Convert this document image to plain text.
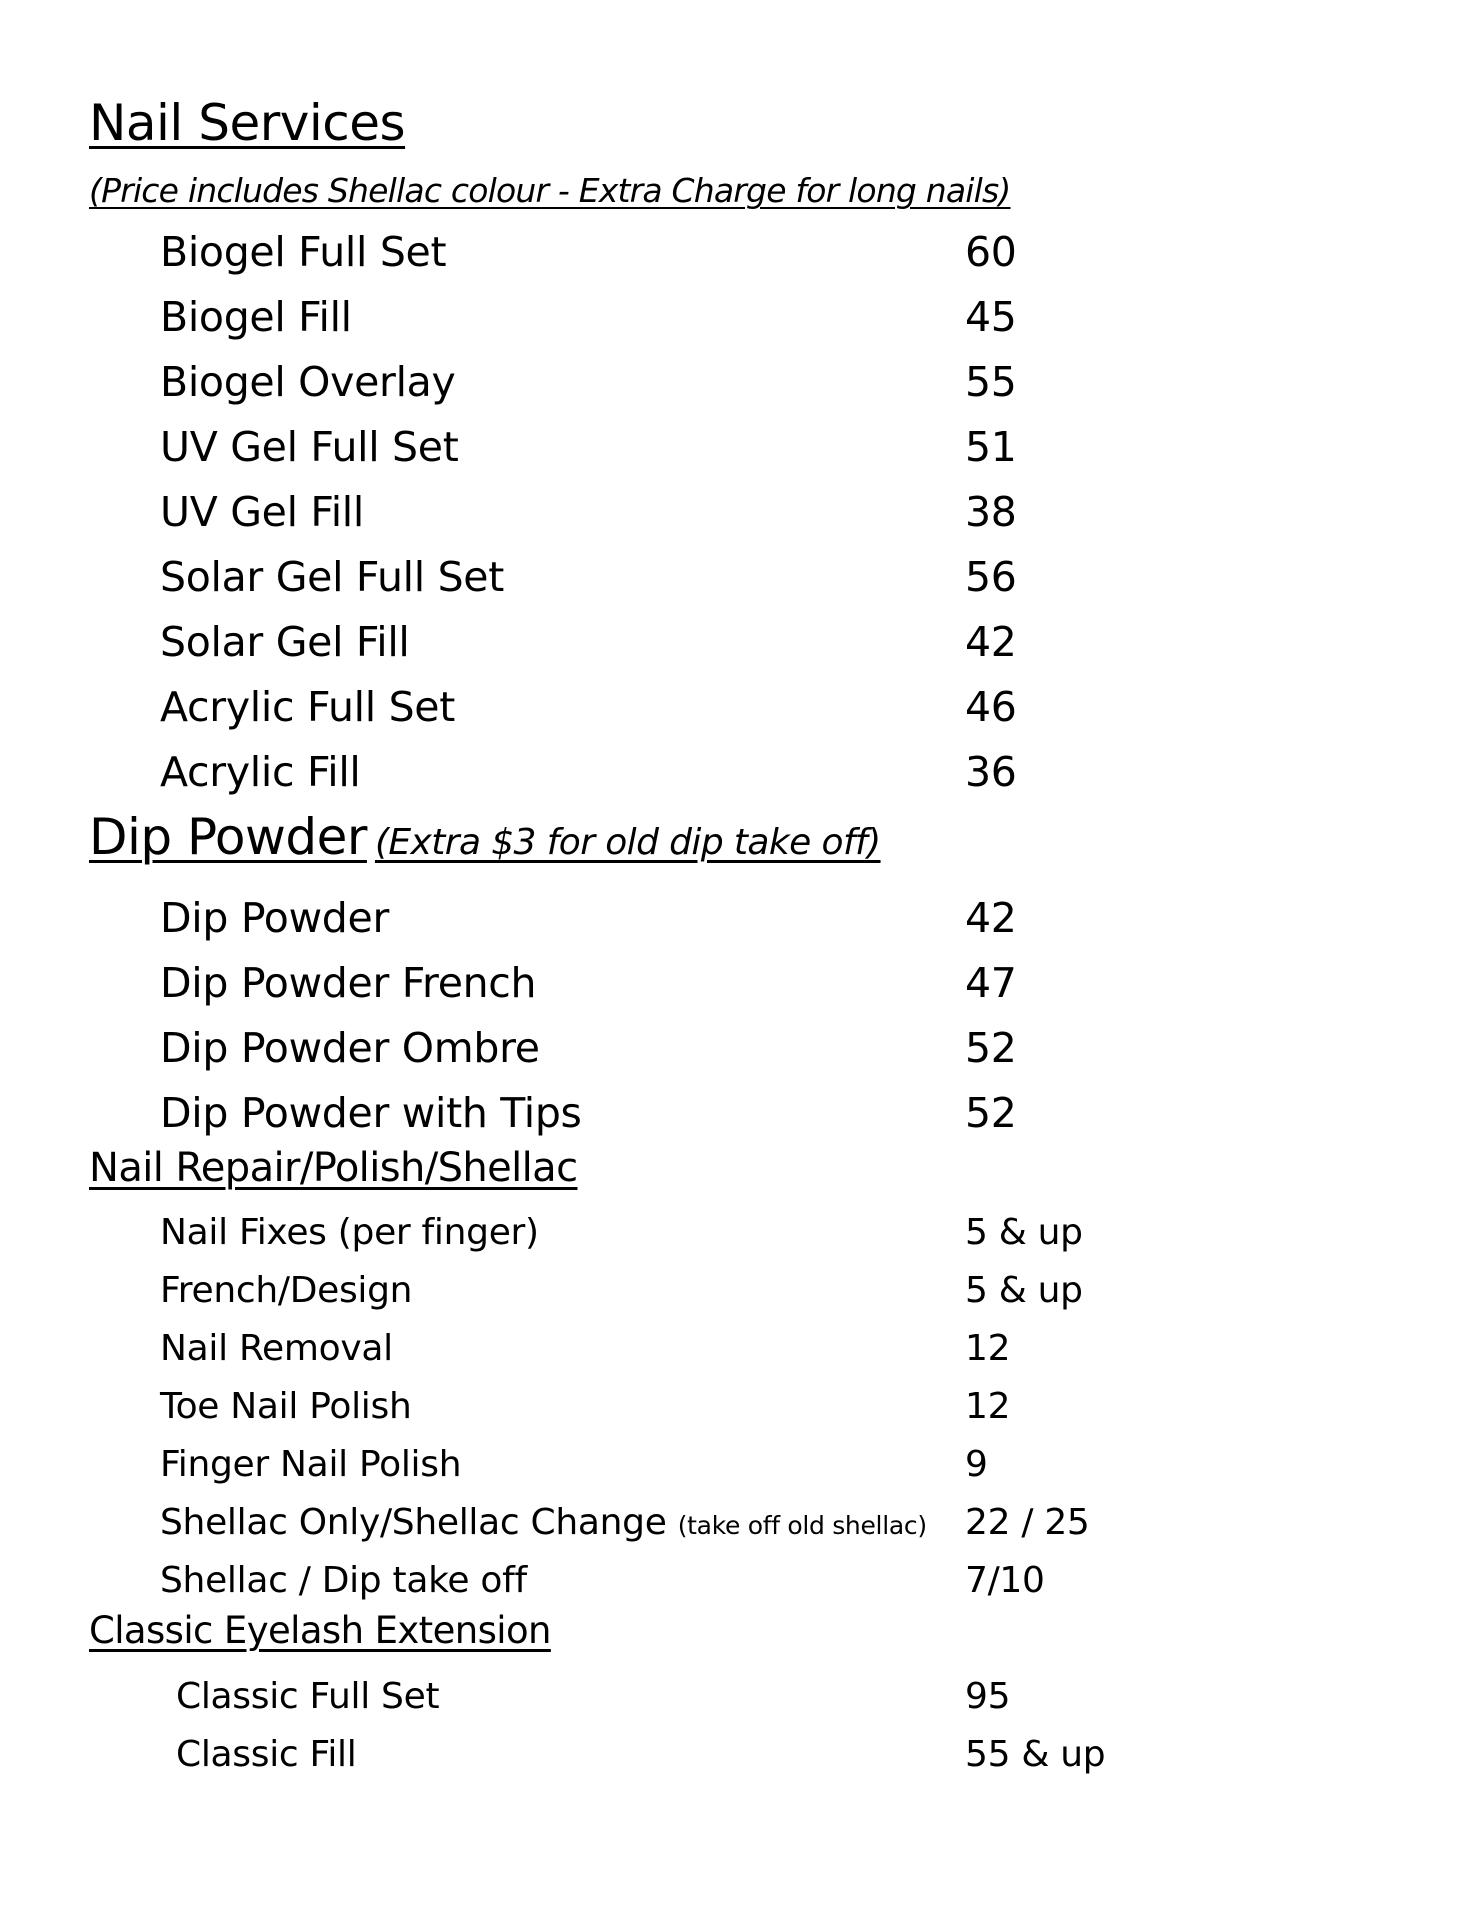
Nail Services
(Price includes Shellac colour - Extra Charge for long nails)
Biogel Full Set	60
Biogel Fill	45
Biogel Overlay	55
UV Gel Full Set	51
UV Gel Fill	38
Solar Gel Full Set	56
Solar Gel Fill	42
Acrylic Full Set	46
Acrylic Fill	36
Dip Powder (Extra $3 for old dip take off)
Dip Powder	42
Dip Powder French	47
Dip Powder Ombre	52
Dip Powder with Tips	52
Nail Repair/Polish/Shellac
Nail Fixes (per finger)	5 & up
French/Design	5 & up
Nail Removal	12
Toe Nail Polish	12
Finger Nail Polish	9
Shellac Only/Shellac Change (take off old shellac) 22 / 25
Shellac / Dip take off	7/10
Classic Eyelash Extension
Classic Full Set	95
Classic Fill	55 & up
